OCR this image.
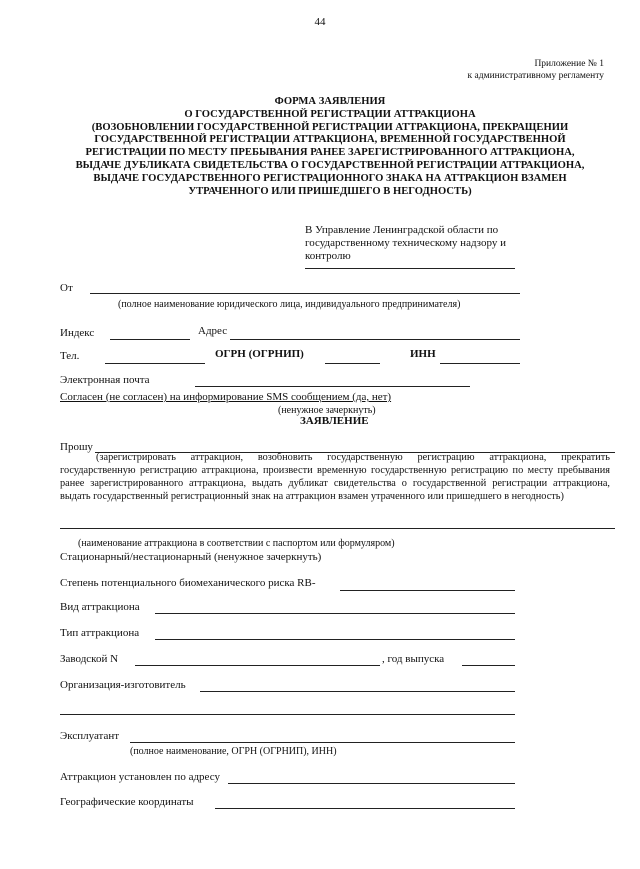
44
Приложение № 1
к административному регламенту
ФОРМА ЗАЯВЛЕНИЯ
О ГОСУДАРСТВЕННОЙ РЕГИСТРАЦИИ АТТРАКЦИОНА
(ВОЗОБНОВЛЕНИИ ГОСУДАРСТВЕННОЙ РЕГИСТРАЦИИ АТТРАКЦИОНА, ПРЕКРАЩЕНИИ
ГОСУДАРСТВЕННОЙ РЕГИСТРАЦИИ АТТРАКЦИОНА, ВРЕМЕННОЙ ГОСУДАРСТВЕННОЙ
РЕГИСТРАЦИИ ПО МЕСТУ ПРЕБЫВАНИЯ РАНЕЕ ЗАРЕГИСТРИРОВАННОГО АТТРАКЦИОНА,
ВЫДАЧЕ ДУБЛИКАТА СВИДЕТЕЛЬСТВА О ГОСУДАРСТВЕННОЙ РЕГИСТРАЦИИ АТТРАКЦИОНА,
ВЫДАЧЕ ГОСУДАРСТВЕННОГО РЕГИСТРАЦИОННОГО ЗНАКА НА АТТРАКЦИОН ВЗАМЕН
УТРАЧЕННОГО ИЛИ ПРИШЕДШЕГО В НЕГОДНОСТЬ)
В Управление Ленинградской области по
государственному техническому надзору и
контролю
От
(полное наименование юридического лица, индивидуального предпринимателя)
Индекс	Адрес
Тел.	ОГРН (ОГРНИП)	ИНН
Электронная почта
Согласен (не согласен) на информирование SMS сообщением (да, нет)
(ненужное зачеркнуть)
ЗАЯВЛЕНИЕ
Прошу
(зарегистрировать аттракцион, возобновить государственную регистрацию аттракциона, прекратить государственную регистрацию аттракциона, произвести временную государственную регистрацию по месту пребывания ранее зарегистрированного аттракциона, выдать дубликат свидетельства о государственной регистрации аттракциона, выдать государственный регистрационный знак на аттракцион взамен утраченного или пришедшего в негодность)
(наименование аттракциона в соответствии с паспортом или формуляром)
Стационарный/нестационарный (ненужное зачеркнуть)
Степень потенциального биомеханического риска RB-
Вид аттракциона
Тип аттракциона
Заводской N	, год выпуска
Организация-изготовитель
Эксплуатант
(полное наименование, ОГРН (ОГРНИП), ИНН)
Аттракцион установлен по адресу
Географические координаты
